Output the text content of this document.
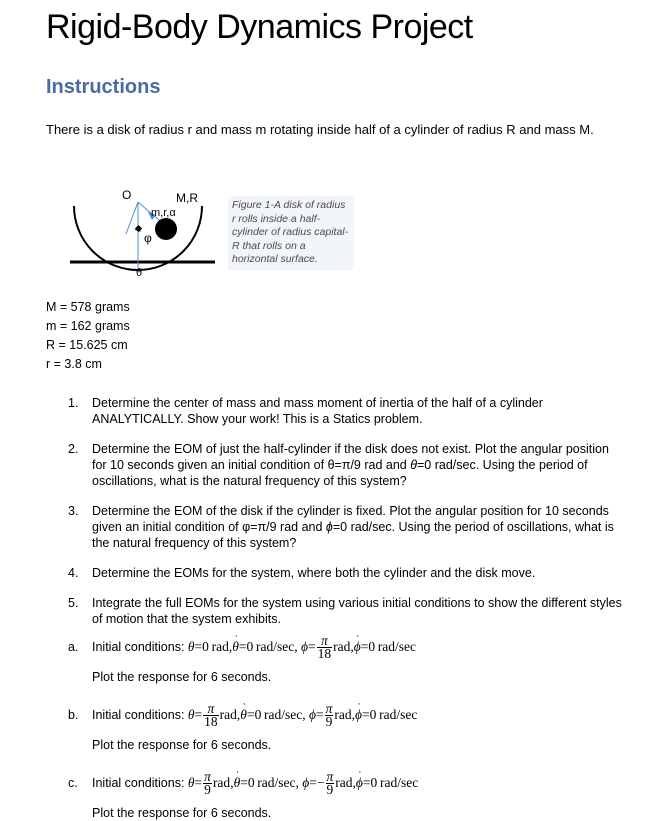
Rigid-Body Dynamics Project
Instructions
There is a disk of radius r and mass m rotating inside half of a cylinder of radius R and mass M.
O	M,R
m,r,α
φ
θ
Figure 1-A disk of radius r rolls inside a half-cylinder of radius capital-R that rolls on a horizontal surface.
M = 578 grams
m = 162 grams
R = 15.625 cm
r = 3.8 cm
1. Determine the center of mass and mass moment of inertia of the half of a cylinder ANALYTICALLY. Show your work! This is a Statics problem.
2. Determine the EOM of just the half-cylinder if the disk does not exist. Plot the angular position for 10 seconds given an initial condition of θ=π/9 rad and θ ˙=0 rad/sec. Using the period of oscillations, what is the natural frequency of this system?
3. Determine the EOM of the disk if the cylinder is fixed. Plot the angular position for 10 seconds given an initial condition of φ=π/9 rad and ϕ ˙=0 rad/sec. Using the period of oscillations, what is the natural frequency of this system?
4. Determine the EOMs for the system, where both the cylinder and the disk move.
5. Integrate the full EOMs for the system using various initial conditions to show the different styles of motion that the system exhibits.
a. Initial conditions: θ=0 rad,θ ˙=0 rad/sec, $\phi= \frac{\pi}{18} rad,\phi$ ˙=0 rad/sec
Plot the response for 6 seconds.
b. Initial conditions: $\theta= \frac{\pi}{18} rad,\theta$ ˙=0 rad/sec, $\phi= \frac{\pi}{9} rad,\phi$ ˙=0 rad/sec
Plot the response for 6 seconds.
c. Initial conditions: $\theta= \frac{\pi}{9} rad,\theta$ ˙=0 rad/sec, $\phi=- \frac{\pi}{9} rad,\phi$ ˙=0 rad/sec
Plot the response for 6 seconds.
